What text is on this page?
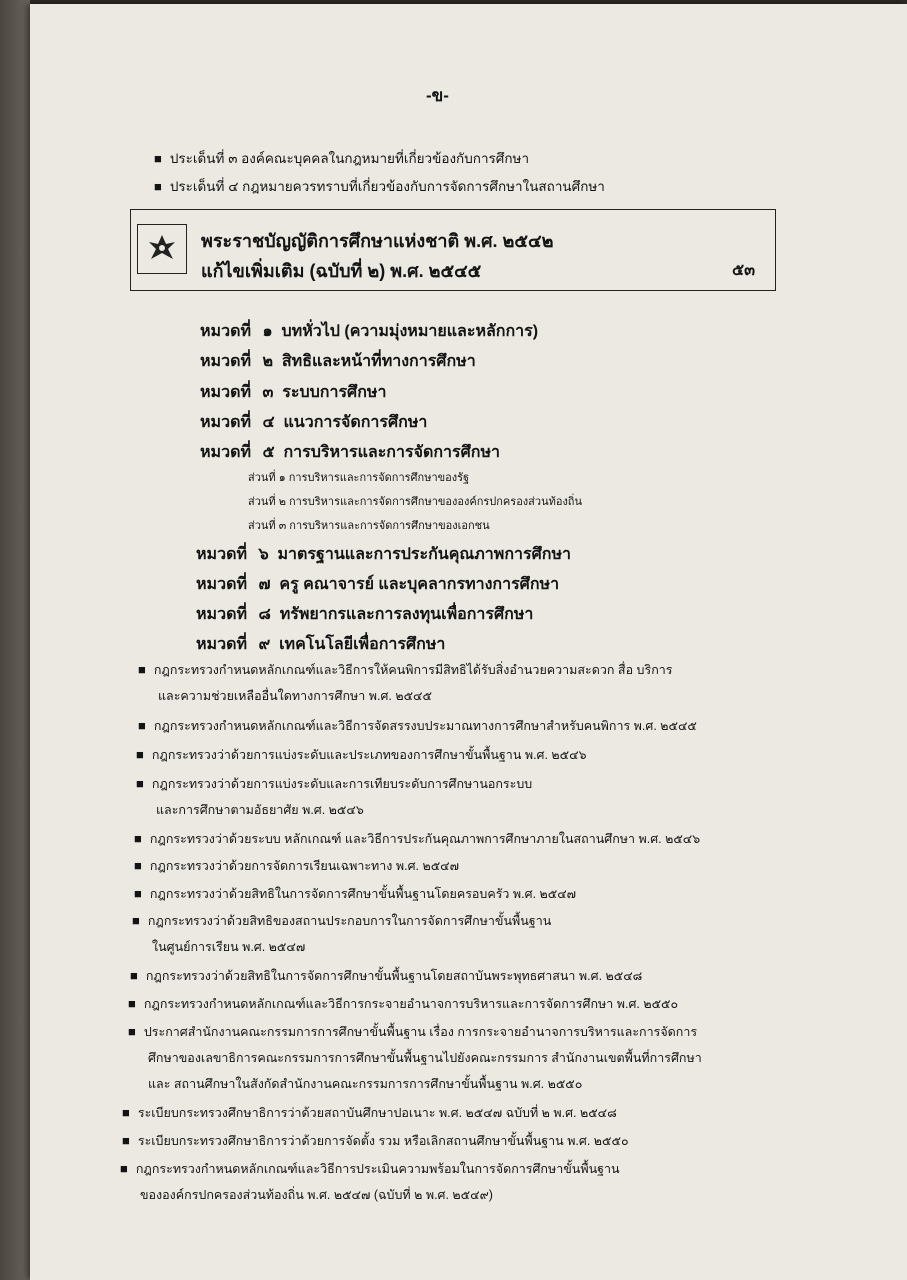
-ข-
■ ประเด็นที่ ๓ องค์คณะบุคคลในกฎหมายที่เกี่ยวข้องกับการศึกษา
■ ประเด็นที่ ๔ กฎหมายควรทราบที่เกี่ยวข้องกับการจัดการศึกษาในสถานศึกษา
พระราชบัญญัติการศึกษาแห่งชาติ พ.ศ. ๒๕๔๒
แก้ไขเพิ่มเติม (ฉบับที่ ๒) พ.ศ. ๒๕๔๕	๕๓
หมวดที่ ๑ บทหั่วไป (ความมุ่งหมายและหลักการ)
หมวดที่ ๒ สิทธิและหน้าที่ทางการศึกษา
หมวดที่ ๓ ระบบการศึกษา
หมวดที่ ๔ แนวการจัดการศึกษา
หมวดที่ ๕ การบริหารและการจัดการศึกษา
ส่วนที่ ๑ การบริหารและการจัดการศึกษาของรัฐ
ส่วนที่ ๒ การบริหารและการจัดการศึกษาขององค์กรปกครองส่วนท้องถิ่น
ส่วนที่ ๓ การบริหารและการจัดการศึกษาของเอกชน
หมวดที่ ๖ มาตรฐานและการประกันคุณภาพการศึกษา
หมวดที่ ๗ ครู คณาจารย์ และบุคลากรทางการศึกษา
หมวดที่ ๘ ทรัพยากรและการลงทุนเพื่อการศึกษา
หมวดที่ ๙ เทคโนโลยีเพื่อการศึกษา
■ กฎกระทรวงกำหนดหลักเกณฑ์และวิธีการให้คนพิการมีสิทธิได้รับสิ่งอำนวยความสะดวก สื่อ บริการ
และความช่วยเหลืออื่นใดทางการศึกษา พ.ศ. ๒๕๔๕
■ กฎกระทรวงกำหนดหลักเกณฑ์และวิธีการจัดสรรงบประมาณทางการศึกษาสำหรับคนพิการ พ.ศ. ๒๕๔๕
■ กฎกระทรวงว่าด้วยการแบ่งระดับและประเภทของการศึกษาขั้นพื้นฐาน พ.ศ. ๒๕๔๖
■ กฎกระทรวงว่าด้วยการแบ่งระดับและการเทียบระดับการศึกษานอกระบบ
และการศึกษาตามอัธยาศัย พ.ศ. ๒๕๔๖
■ กฎกระทรวงว่าด้วยระบบ หลักเกณฑ์ และวิธีการประกันคุณภาพการศึกษาภายในสถานศึกษา พ.ศ. ๒๕๔๖
■ กฎกระทรวงว่าด้วยการจัดการเรียนเฉพาะทาง พ.ศ. ๒๕๔๗
■ กฎกระทรวงว่าด้วยสิทธิในการจัดการศึกษาขั้นพื้นฐานโดยครอบครัว พ.ศ. ๒๕๔๗
■ กฎกระทรวงว่าด้วยสิทธิของสถานประกอบการในการจัดการศึกษาขั้นพื้นฐาน
ในศูนย์การเรียน พ.ศ. ๒๕๔๗
■ กฎกระทรวงว่าด้วยสิทธิในการจัดการศึกษาขั้นพื้นฐานโดยสถาบันพระพุทธศาสนา พ.ศ. ๒๕๔๘
■ กฎกระทรวงกำหนดหลักเกณฑ์และวิธีการกระจายอำนาจการบริหารและการจัดการศึกษา พ.ศ. ๒๕๕๐
■ ประกาศสำนักงานคณะกรรมการการศึกษาขั้นพื้นฐาน เรื่อง การกระจายอำนาจการบริหารและการจัดการ
ศึกษาของเลขาธิการคณะกรรมการการศึกษาขั้นพื้นฐานไปยังคณะกรรมการ สำนักงานเขตพื้นที่การศึกษา
และ สถานศึกษาในสังกัดสำนักงานคณะกรรมการการศึกษาขั้นพื้นฐาน พ.ศ. ๒๕๕๐
■ ระเบียบกระทรวงศึกษาธิการว่าด้วยสถาบันศึกษาปอเนาะ พ.ศ. ๒๕๔๗ ฉบับที่ ๒ พ.ศ. ๒๕๔๘
■ ระเบียบกระทรวงศึกษาธิการว่าด้วยการจัดตั้ง รวม หรือเลิกสถานศึกษาขั้นพื้นฐาน พ.ศ. ๒๕๕๐
■ กฎกระทรวงกำหนดหลักเกณฑ์และวิธีการประเมินความพร้อมในการจัดการศึกษาขั้นพื้นฐาน
ขององค์กรปกครองส่วนท้องถิ่น พ.ศ. ๒๕๔๗ (ฉบับที่ ๒ พ.ศ. ๒๕๔๙)
